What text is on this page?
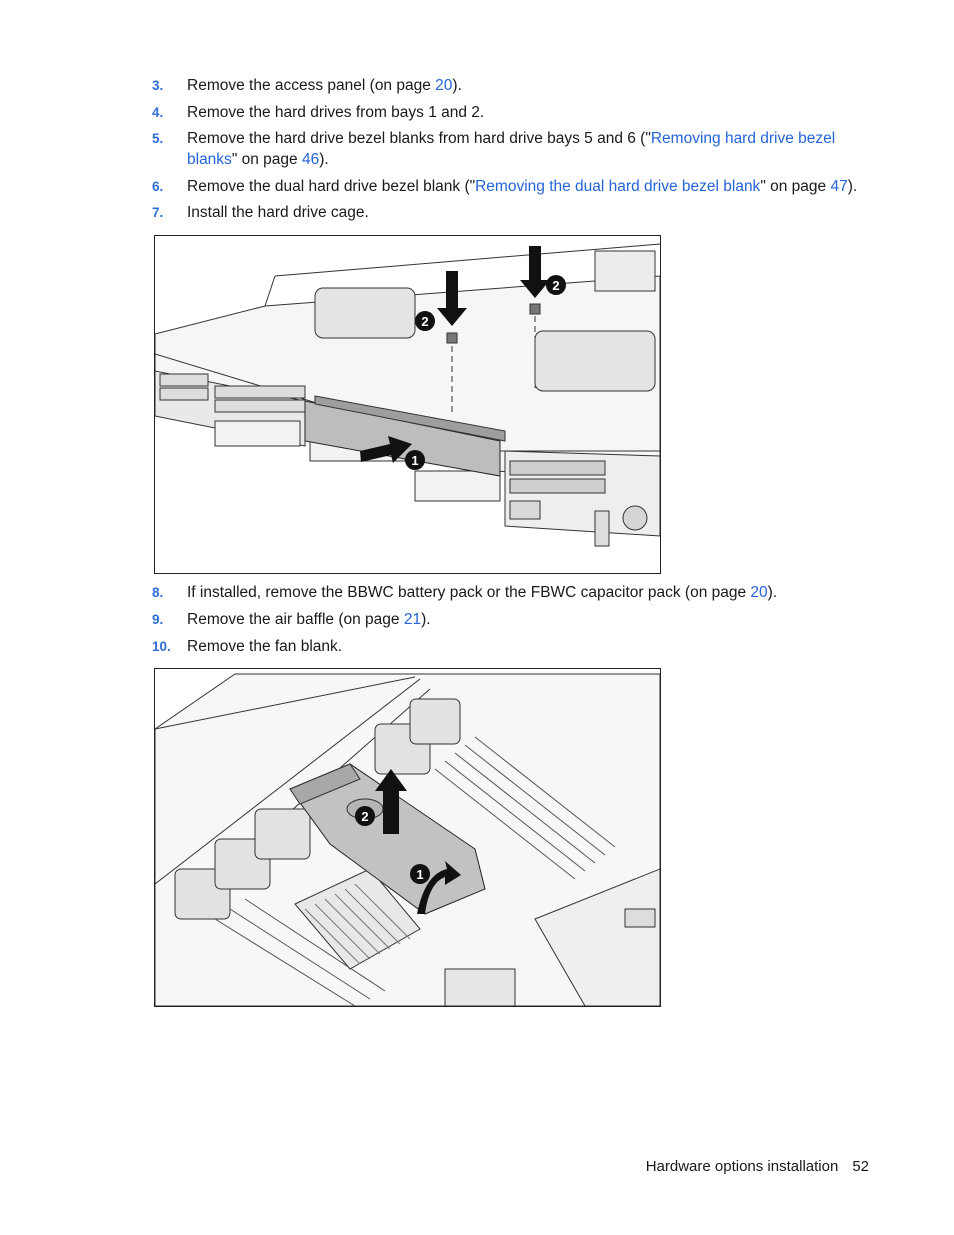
3. Remove the access panel (on page 20).
4. Remove the hard drives from bays 1 and 2.
5. Remove the hard drive bezel blanks from hard drive bays 5 and 6 ("Removing hard drive bezel blanks" on page 46).
6. Remove the dual hard drive bezel blank ("Removing the dual hard drive bezel blank" on page 47).
7. Install the hard drive cage.
1
2
2
8. If installed, remove the BBWC battery pack or the FBWC capacitor pack (on page 20).
9. Remove the air baffle (on page 21).
10. Remove the fan blank.
1
2
Hardware options installation 52
